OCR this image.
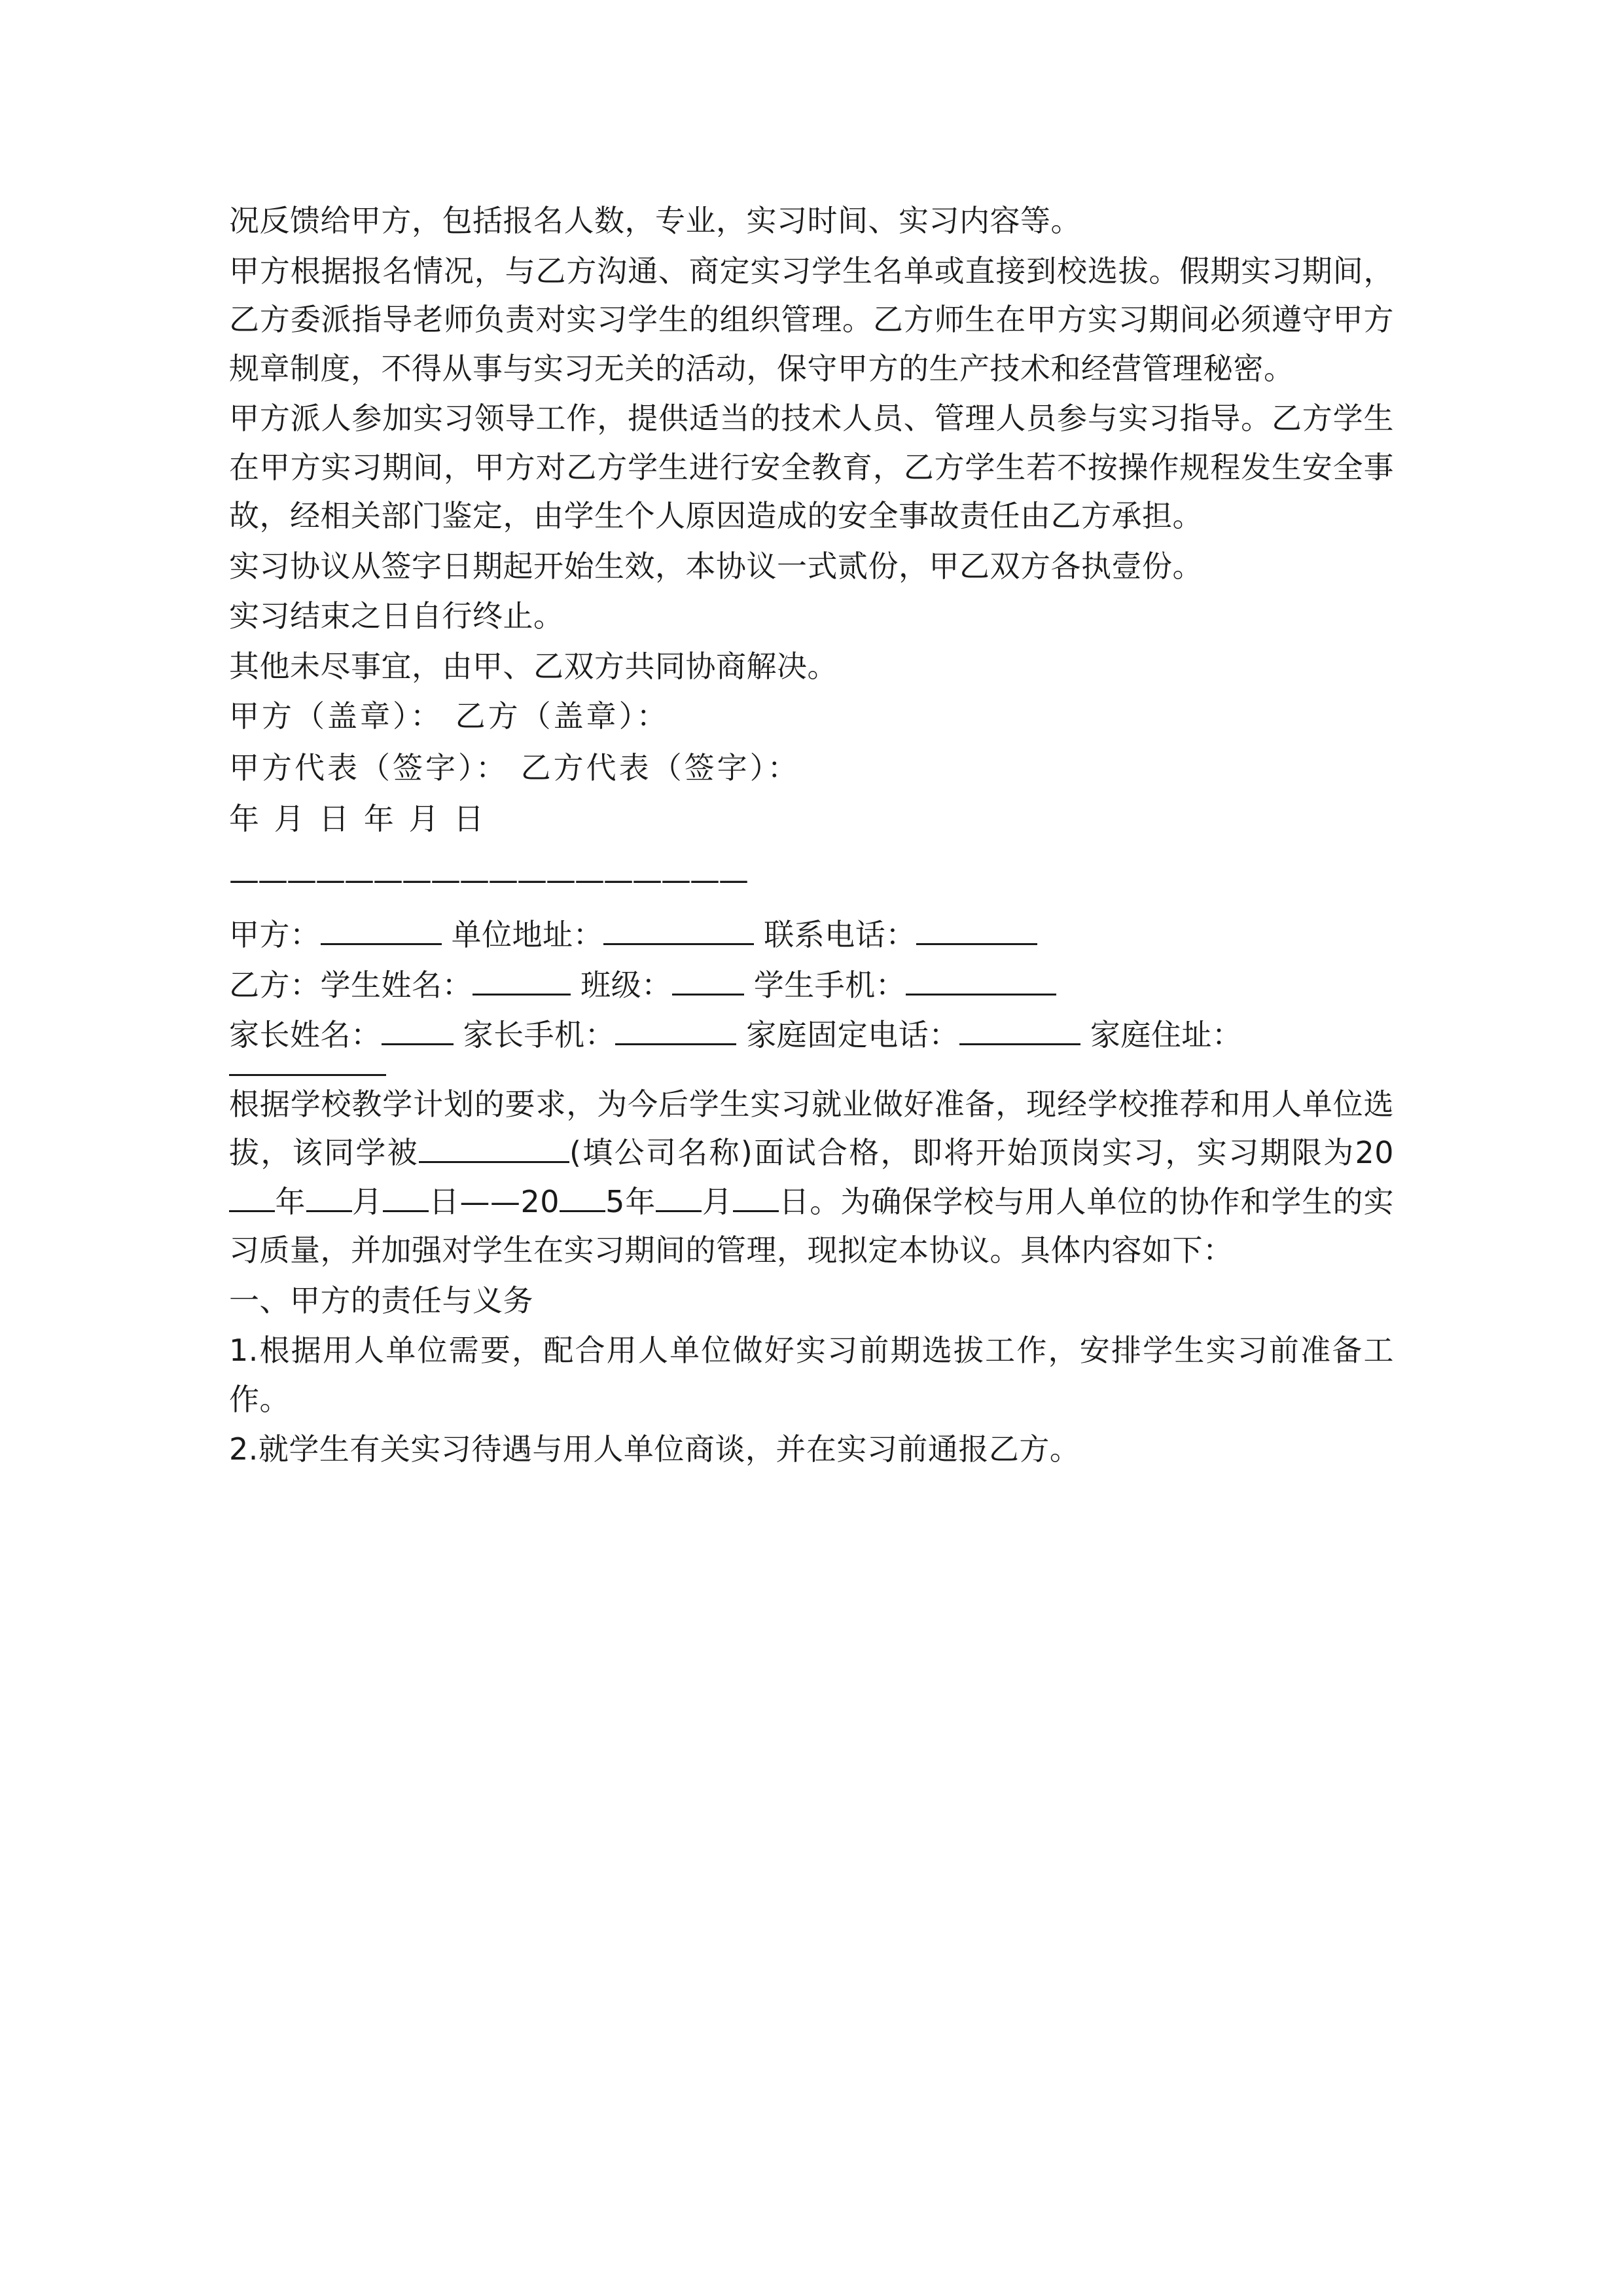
况反馈给甲方，包括报名人数，专业，实习时间、实习内容等。

甲方根据报名情况，与乙方沟通、商定实习学生名单或直接到校选拔。假期实习期间，乙方委派指导老师负责对实习学生的组织管理。乙方师生在甲方实习期间必须遵守甲方规章制度，不得从事与实习无关的活动，保守甲方的生产技术和经营管理秘密。

甲方派人参加实习领导工作，提供适当的技术人员、管理人员参与实习指导。乙方学生在甲方实习期间，甲方对乙方学生进行安全教育，乙方学生若不按操作规程发生安全事故，经相关部门鉴定，由学生个人原因造成的安全事故责任由乙方承担。

实习协议从签字日期起开始生效，本协议一式贰份，甲乙双方各执壹份。

实习结束之日自行终止。

其他未尽事宜，由甲、乙双方共同协商解决。

甲方（盖章）： 乙方（盖章）：

甲方代表（签字）： 乙方代表（签字）：

年 月 日 年 月 日

——————————————————

甲方：	单位地址：	联系电话：

乙方：学生姓名：	班级：	学生手机：

家长姓名：	家长手机：	家庭固定电话：	家庭住址：

根据学校教学计划的要求，为今后学生实习就业做好准备，现经学校推荐和用人单位选拔，该同学被	(填公司名称)面试合格，即将开始顶岗实习，实习期限为20年 月 日——20 5年 月 日。为确保学校与用人单位的协作和学生的实习质量，并加强对学生在实习期间的管理，现拟定本协议。具体内容如下：

一、甲方的责任与义务

1.根据用人单位需要，配合用人单位做好实习前期选拔工作，安排学生实习前准备工作。

2.就学生有关实习待遇与用人单位商谈，并在实习前通报乙方。
